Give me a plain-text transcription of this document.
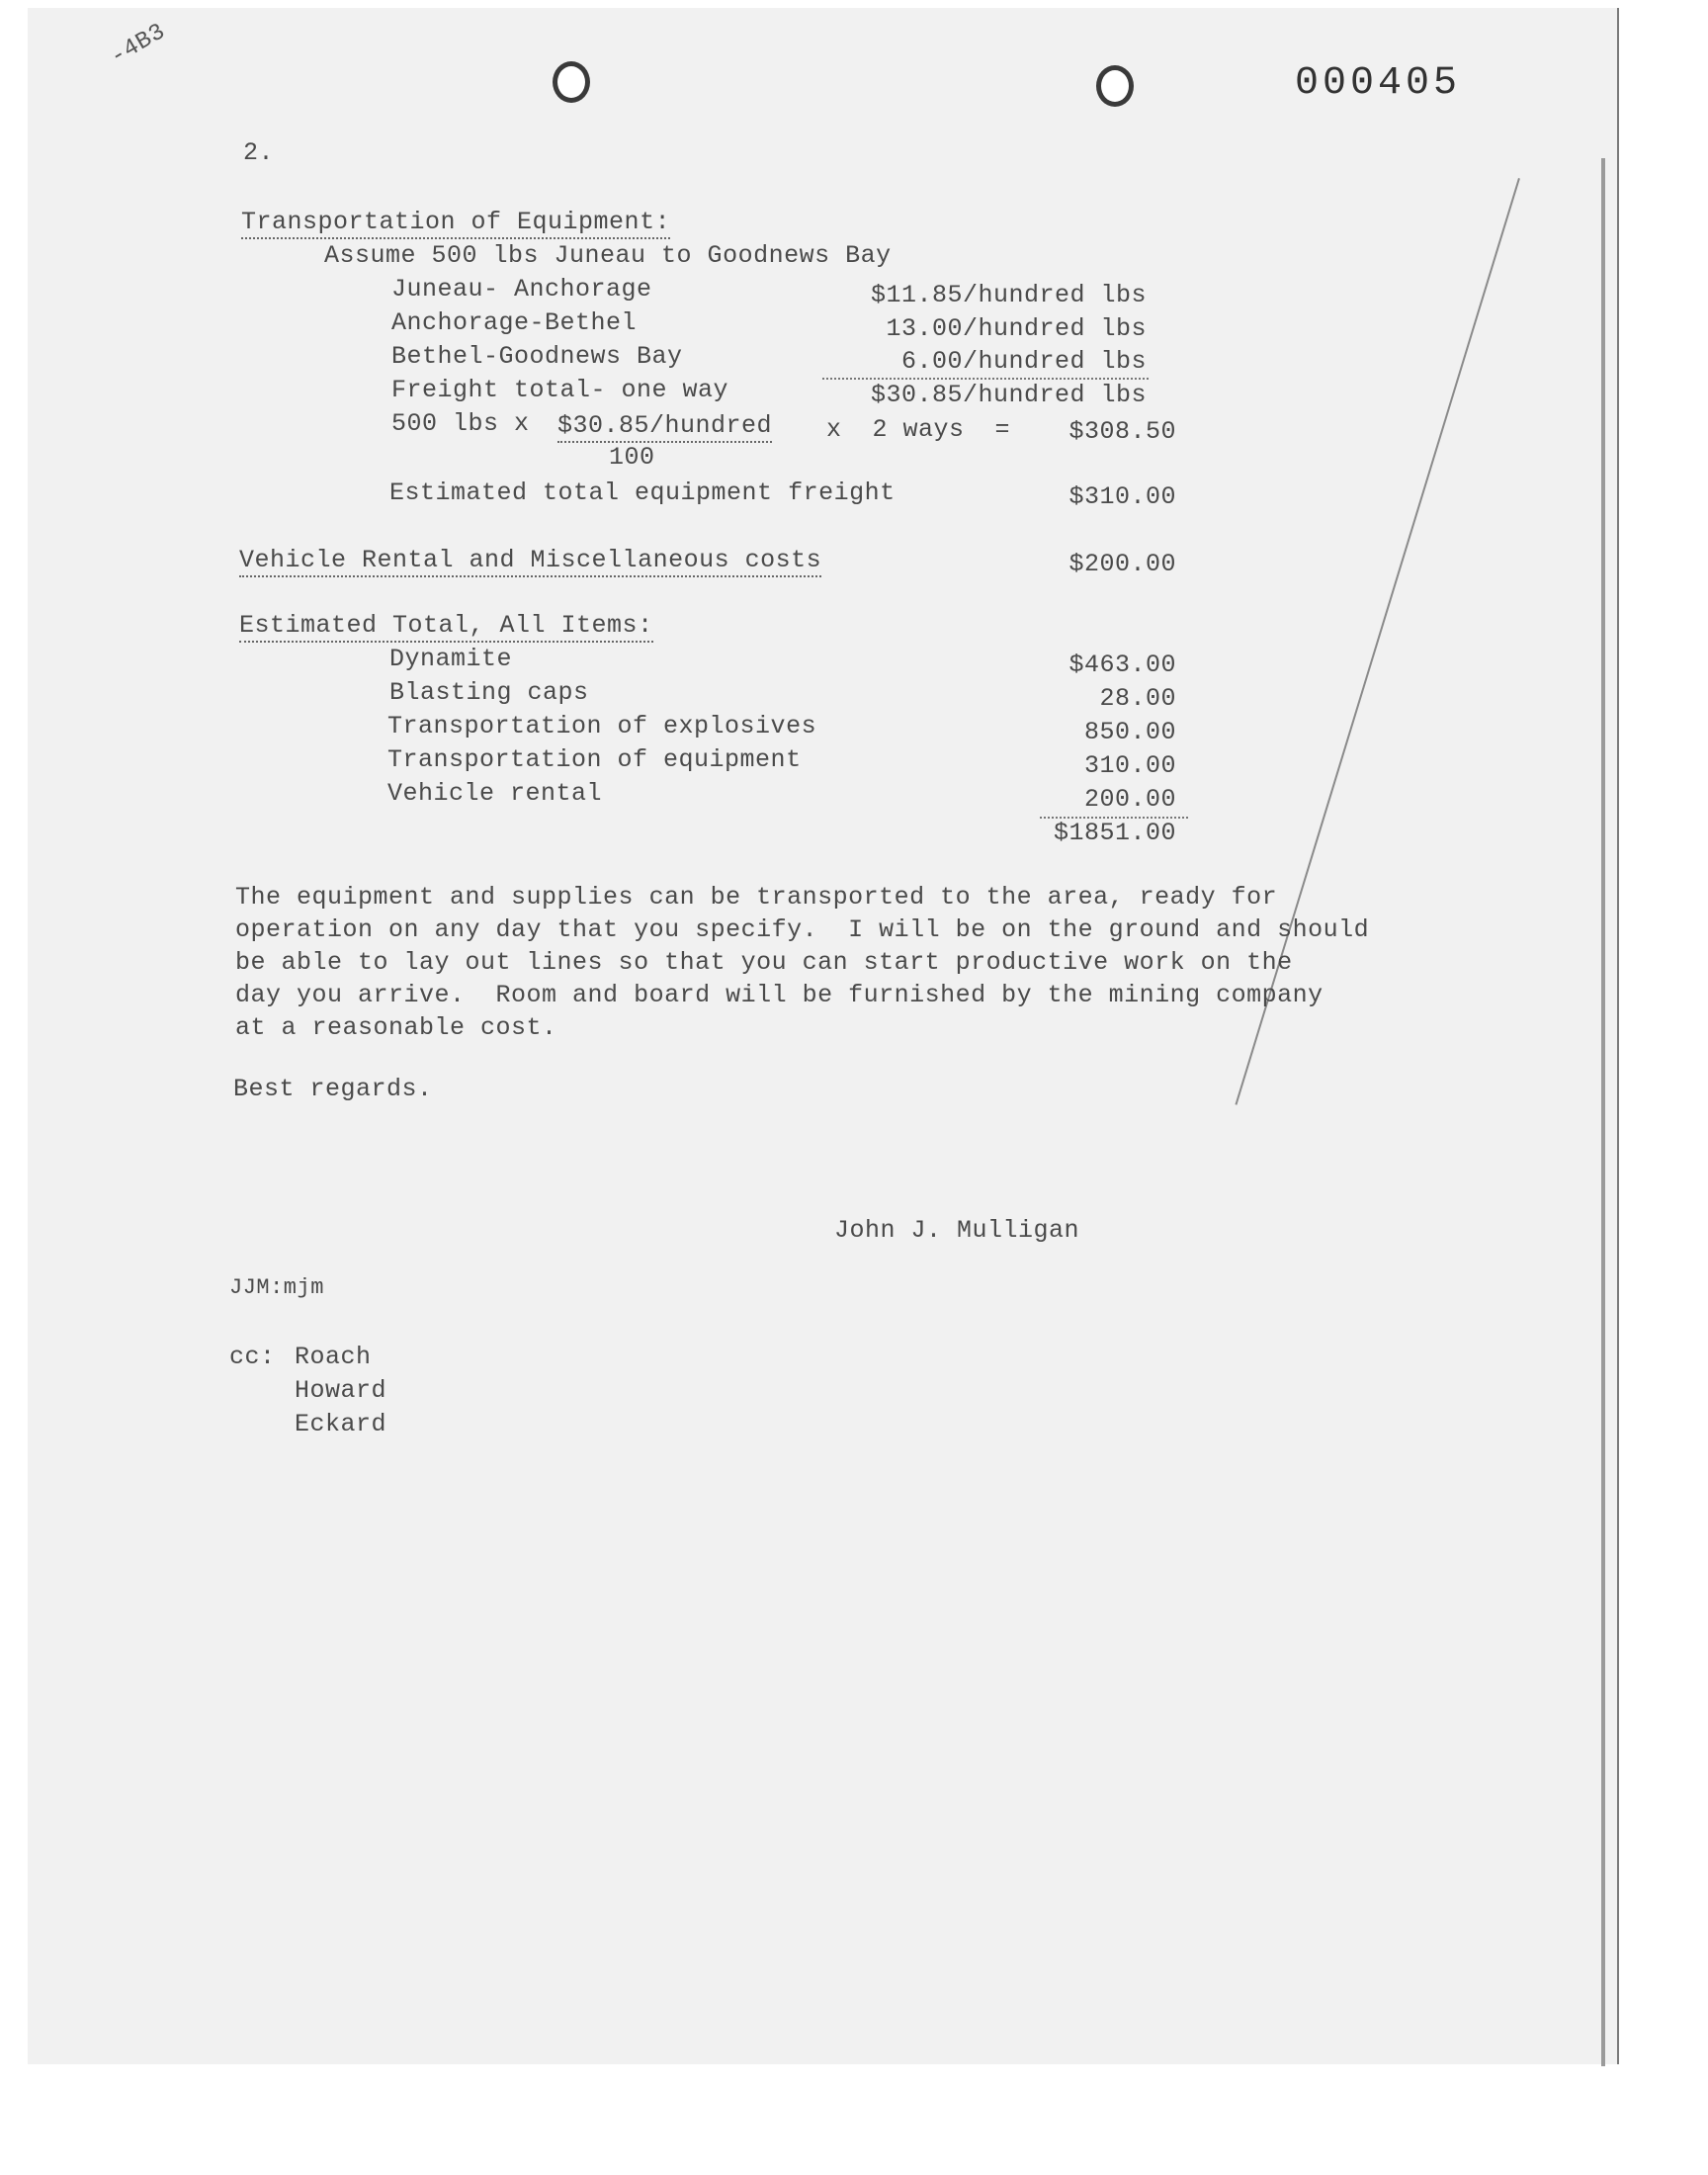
-4B3
000405
2.
Transportation of Equipment:
Assume 500 lbs Juneau to Goodnews Bay
Juneau- Anchorage	$11.85/hundred lbs
Anchorage-Bethel	13.00/hundred lbs
Bethel-Goodnews Bay	6.00/hundred lbs
Freight total- one way	$30.85/hundred lbs
500 lbs x $30.85/hundred
100
x  2 ways  =	$308.50
Estimated total equipment freight	$310.00
Vehicle Rental and Miscellaneous costs	$200.00
Estimated Total, All Items:
Dynamite	$463.00
Blasting caps	28.00
Transportation of explosives	850.00
Transportation of equipment	310.00
Vehicle rental	200.00
$1851.00
The equipment and supplies can be transported to the area, ready for
operation on any day that you specify.  I will be on the ground and should
be able to lay out lines so that you can start productive work on the
day you arrive.  Room and board will be furnished by the mining company
at a reasonable cost.
Best regards.
John J. Mulligan
JJM:mjm
cc: Roach
Howard
Eckard
